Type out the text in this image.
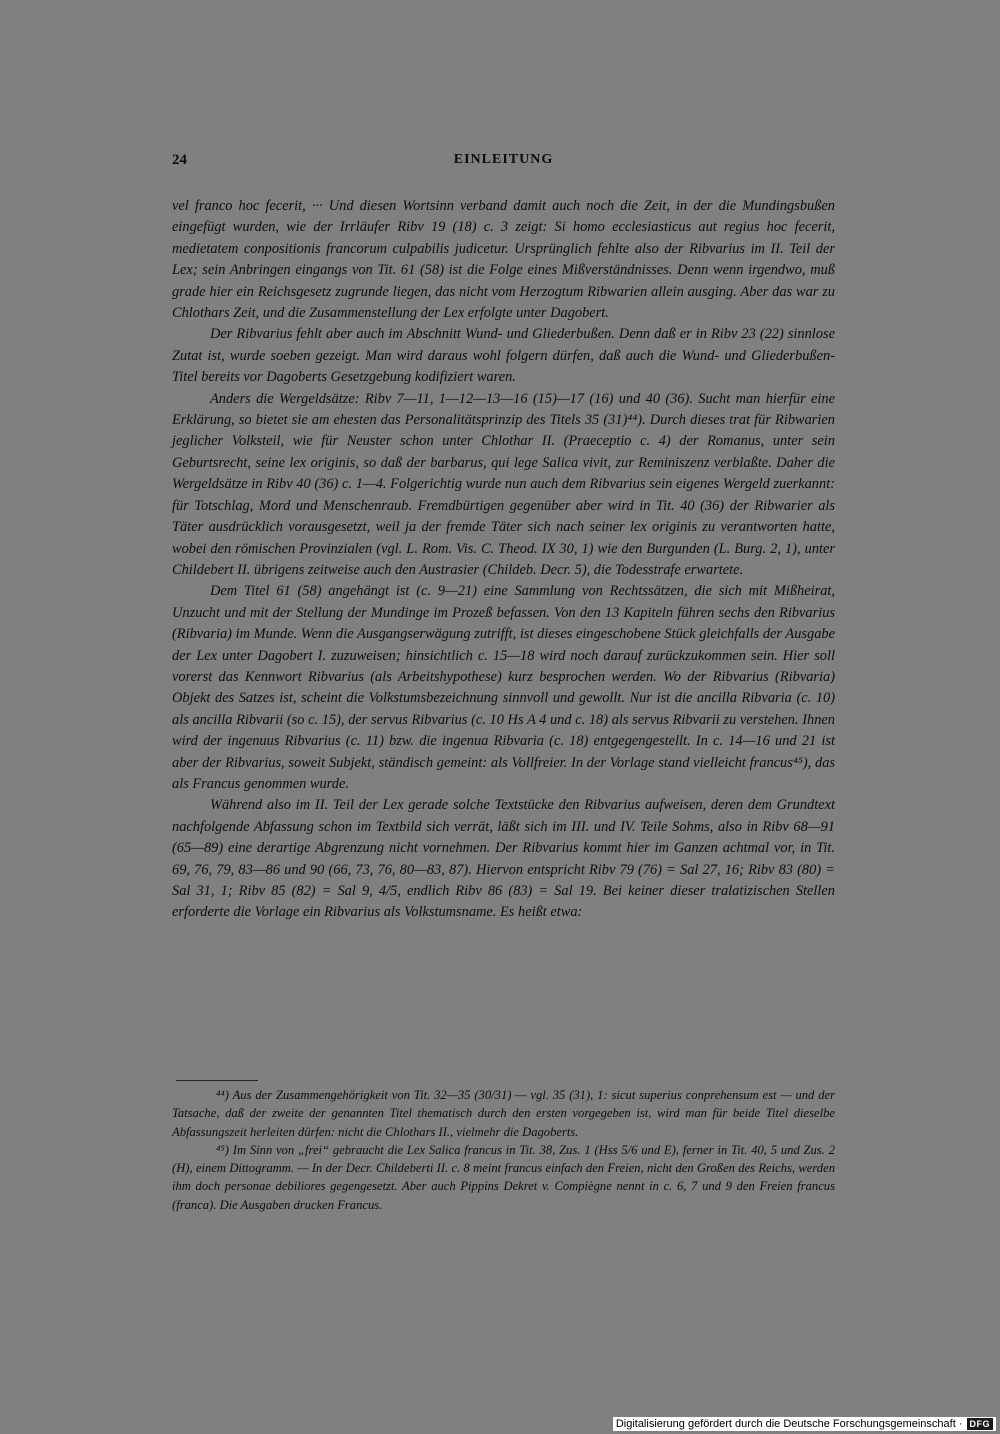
24	EINLEITUNG

vel franco hoc fecerit, ··· Und diesen Wortsinn verband damit auch noch die Zeit, in der die Mundingsbußen eingefügt wurden, wie der Irrläufer Ribv 19 (18) c. 3 zeigt: Si homo ecclesiasticus aut regius hoc fecerit, medietatem conpositionis francorum culpabilis judicetur. Ursprünglich fehlte also der Ribvarius im II. Teil der Lex; sein Anbringen eingangs von Tit. 61 (58) ist die Folge eines Mißverständnisses. Denn wenn irgendwo, muß grade hier ein Reichsgesetz zugrunde liegen, das nicht vom Herzogtum Ribwarien allein ausging. Aber das war zu Chlothars Zeit, und die Zusammenstellung der Lex erfolgte unter Dagobert.

Der Ribvarius fehlt aber auch im Abschnitt Wund- und Gliederbußen. Denn daß er in Ribv 23 (22) sinnlose Zutat ist, wurde soeben gezeigt. Man wird daraus wohl folgern dürfen, daß auch die Wund- und Gliederbußen-Titel bereits vor Dagoberts Gesetzgebung kodifiziert waren.

Anders die Wergeldsätze: Ribv 7—11, 1—12—13—16 (15)—17 (16) und 40 (36). Sucht man hierfür eine Erklärung, so bietet sie am ehesten das Personalitätsprinzip des Titels 35 (31)⁴⁴). Durch dieses trat für Ribwarien jeglicher Volksteil, wie für Neuster schon unter Chlothar II. (Praeceptio c. 4) der Romanus, unter sein Geburtsrecht, seine lex originis, so daß der barbarus, qui lege Salica vivit, zur Reminiszenz verblaßte. Daher die Wergeldsätze in Ribv 40 (36) c. 1—4. Folgerichtig wurde nun auch dem Ribvarius sein eigenes Wergeld zuerkannt: für Totschlag, Mord und Menschenraub. Fremdbürtigen gegenüber aber wird in Tit. 40 (36) der Ribwarier als Täter ausdrücklich vorausgesetzt, weil ja der fremde Täter sich nach seiner lex originis zu verantworten hatte, wobei den römischen Provinzialen (vgl. L. Rom. Vis. C. Theod. IX 30, 1) wie den Burgunden (L. Burg. 2, 1), unter Childebert II. übrigens zeitweise auch den Austrasier (Childeb. Decr. 5), die Todesstrafe erwartete.

Dem Titel 61 (58) angehängt ist (c. 9—21) eine Sammlung von Rechtssätzen, die sich mit Mißheirat, Unzucht und mit der Stellung der Mundinge im Prozeß befassen. Von den 13 Kapiteln führen sechs den Ribvarius (Ribvaria) im Munde. Wenn die Ausgangserwägung zutrifft, ist dieses eingeschobene Stück gleichfalls der Ausgabe der Lex unter Dagobert I. zuzuweisen; hinsichtlich c. 15—18 wird noch darauf zurückzukommen sein. Hier soll vorerst das Kennwort Ribvarius (als Arbeitshypothese) kurz besprochen werden. Wo der Ribvarius (Ribvaria) Objekt des Satzes ist, scheint die Volkstumsbezeichnung sinnvoll und gewollt. Nur ist die ancilla Ribvaria (c. 10) als ancilla Ribvarii (so c. 15), der servus Ribvarius (c. 10 Hs A 4 und c. 18) als servus Ribvarii zu verstehen. Ihnen wird der ingenuus Ribvarius (c. 11) bzw. die ingenua Ribvaria (c. 18) entgegengestellt. In c. 14—16 und 21 ist aber der Ribvarius, soweit Subjekt, ständisch gemeint: als Vollfreier. In der Vorlage stand vielleicht francus⁴⁵), das als Francus genommen wurde.

Während also im II. Teil der Lex gerade solche Textstücke den Ribvarius aufweisen, deren dem Grundtext nachfolgende Abfassung schon im Textbild sich verrät, läßt sich im III. und IV. Teile Sohms, also in Ribv 68—91 (65—89) eine derartige Abgrenzung nicht vornehmen. Der Ribvarius kommt hier im Ganzen achtmal vor, in Tit. 69, 76, 79, 83—86 und 90 (66, 73, 76, 80—83, 87). Hiervon entspricht Ribv 79 (76) = Sal 27, 16; Ribv 83 (80) = Sal 31, 1; Ribv 85 (82) = Sal 9, 4/5, endlich Ribv 86 (83) = Sal 19. Bei keiner dieser tralatizischen Stellen erforderte die Vorlage ein Ribvarius als Volkstumsname. Es heißt etwa:

⁴⁴) Aus der Zusammengehörigkeit von Tit. 32—35 (30/31) — vgl. 35 (31), 1: sicut superius conprehensum est — und der Tatsache, daß der zweite der genannten Titel thematisch durch den ersten vorgegeben ist, wird man für beide Titel dieselbe Abfassungszeit herleiten dürfen: nicht die Chlothars II., vielmehr die Dagoberts.

⁴⁵) Im Sinn von „frei“ gebraucht die Lex Salica francus in Tit. 38, Zus. 1 (Hss 5/6 und E), ferner in Tit. 40, 5 und Zus. 2 (H), einem Dittogramm. — In der Decr. Childeberti II. c. 8 meint francus einfach den Freien, nicht den Großen des Reichs, werden ihm doch personae debiliores gegengesetzt. Aber auch Pippins Dekret v. Compiègne nennt in c. 6, 7 und 9 den Freien francus (franca). Die Ausgaben drucken Francus.

Digitalisierung gefördert durch die Deutsche Forschungsgemeinschaft · DFG
